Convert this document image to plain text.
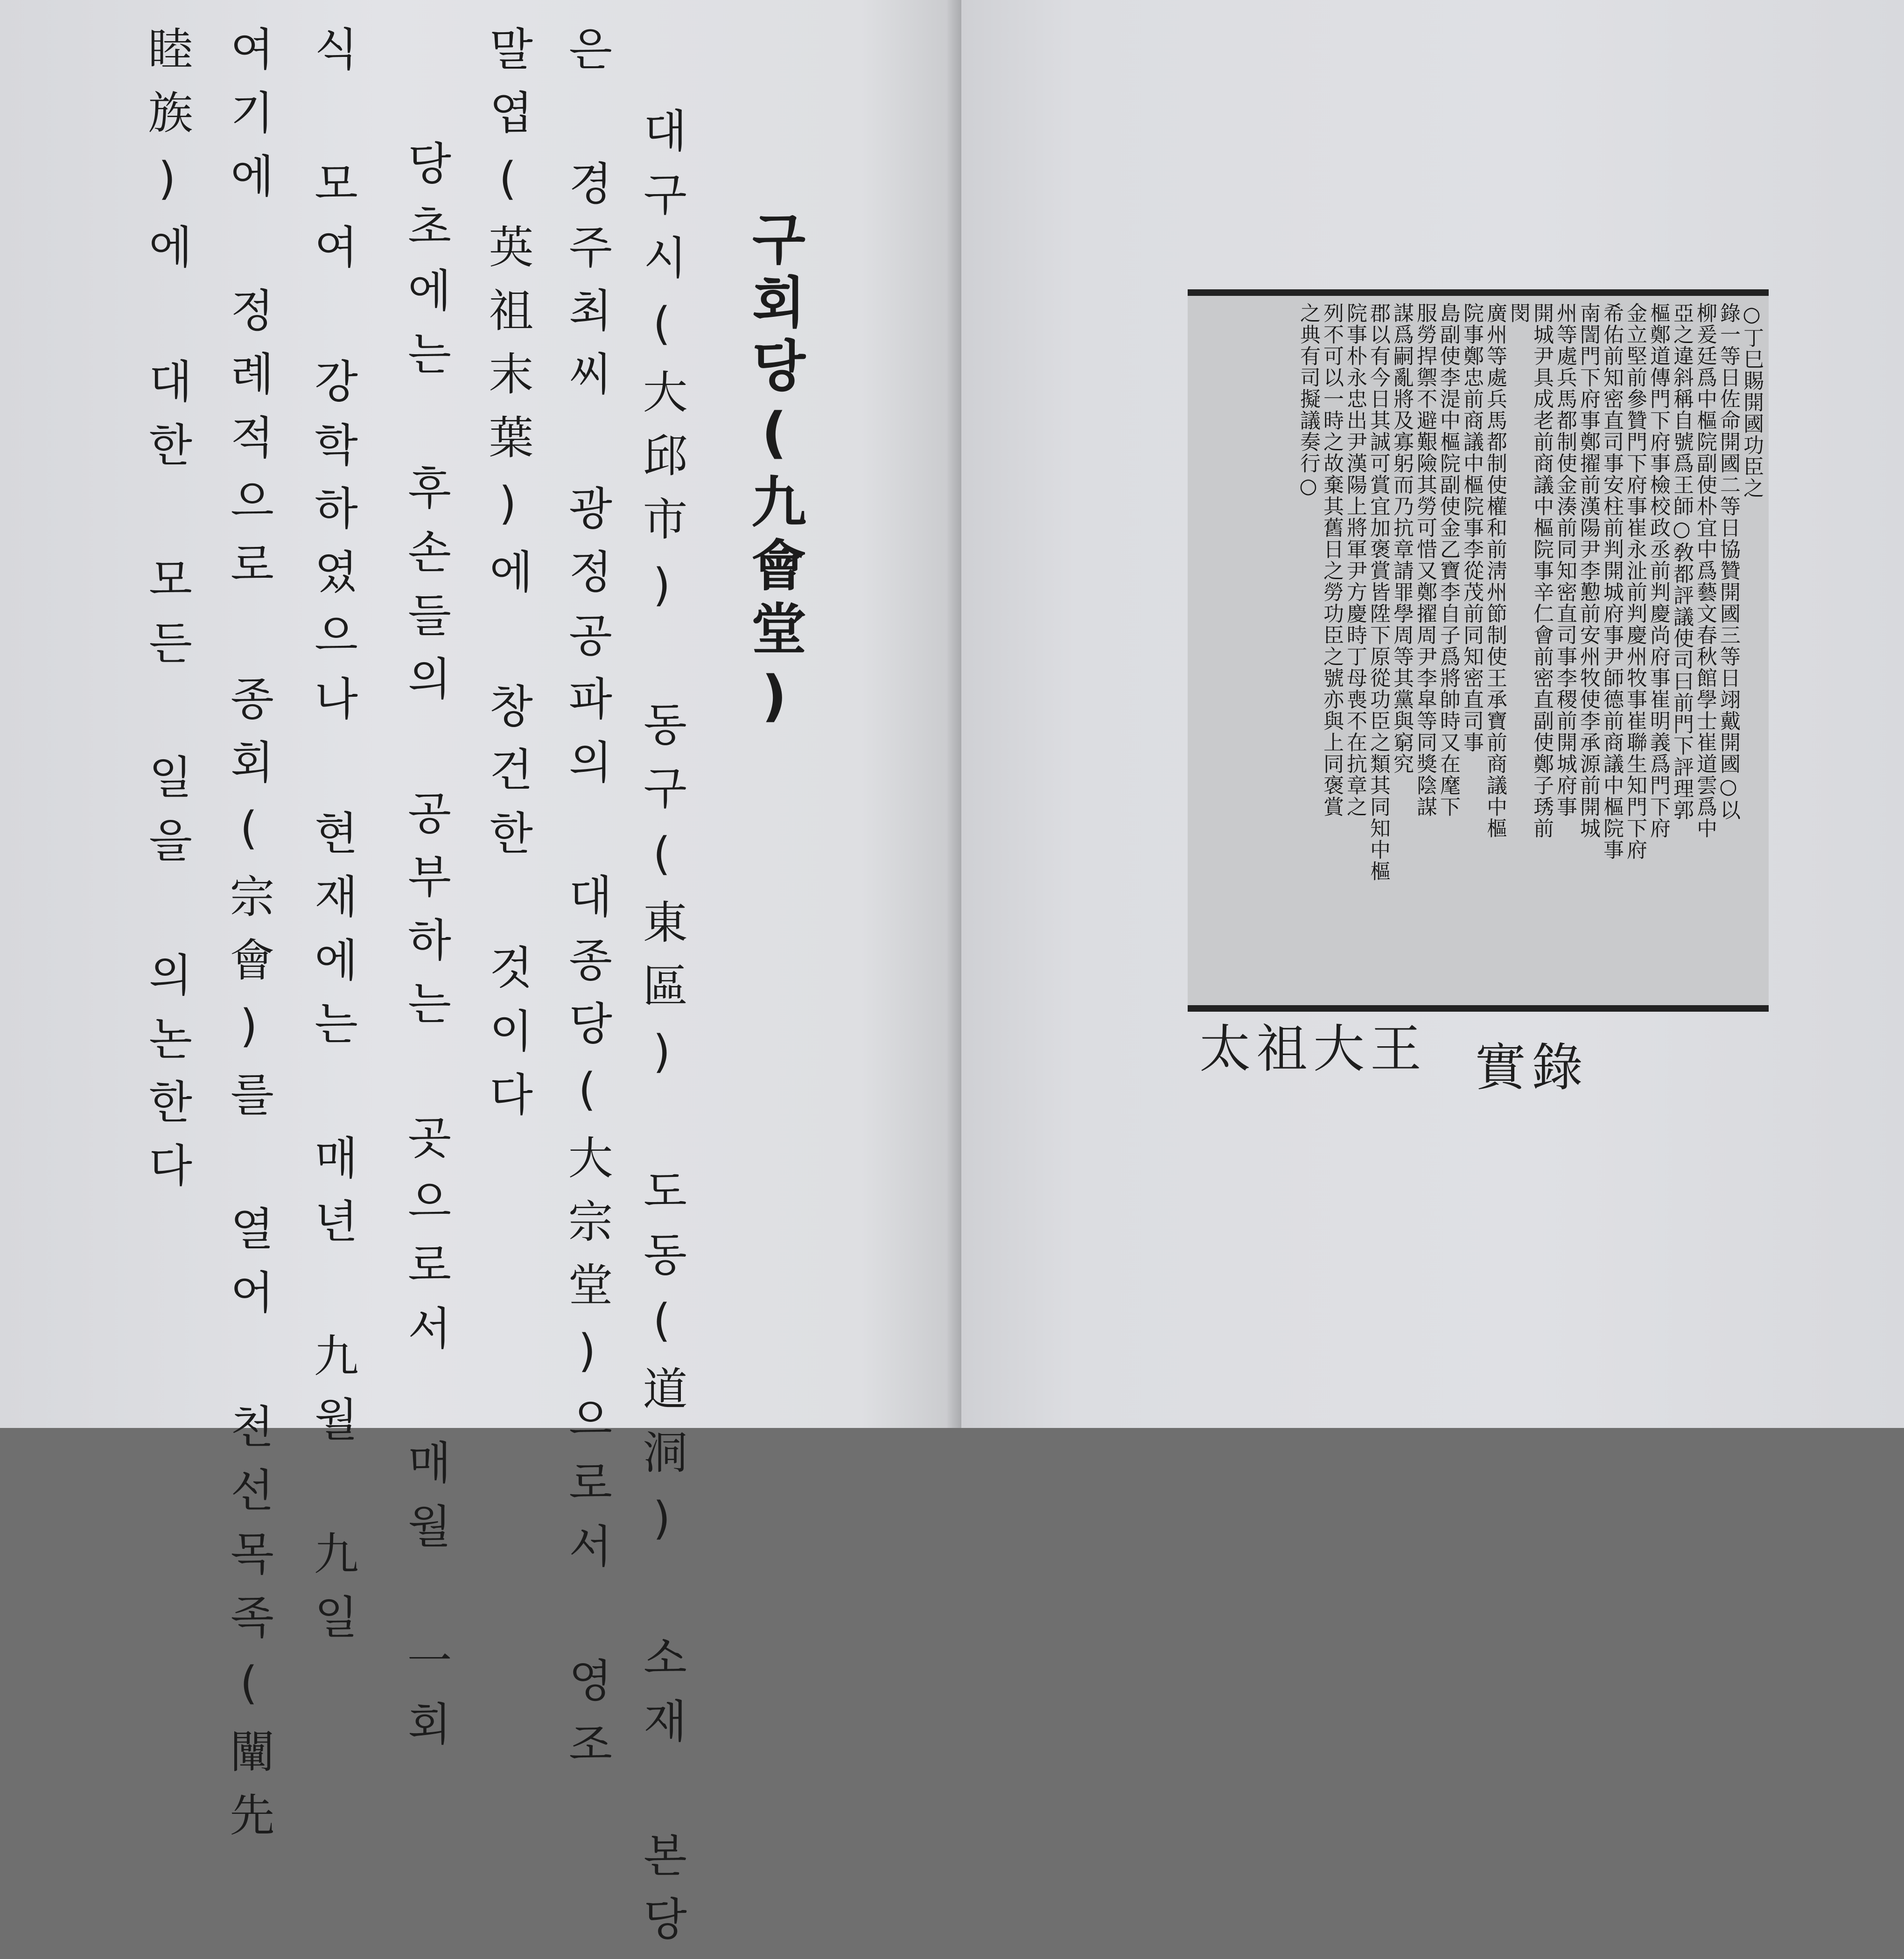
구회당(九會堂)
대구시(大邱市) 동구(東區) 도동(道洞) 소재 본당
은 경주최씨 광정공파의 대종당(大宗堂)으로서 영조
말엽(英祖末葉)에 창건한 것이다
당초에는 후손들의 공부하는 곳으로서 매월 一회
식 모여 강학하였으나 현재에는 매년 九월 九일
여기에 정례적으로 종회(宗會)를 열어 천선목족(闡先
睦族)에 대한 모든 일을 의논한다	○丁巳賜開國功臣之
錄一等日佐命開國二等日協贊開國三等日翊戴開國○以
柳爰廷爲中樞院副使朴宜中爲藝文春秋館學士崔道雲爲中
亞之違斜稱自號爲王師○敎都評議使司曰前門下評理郭
樞鄭道傳門下府事檢校政丞前判慶尚府事崔明義爲門下府
金立堅前參贊門下府事崔永沚前判慶州牧事崔聯生知門下府
希佑前知密直司事安柱前判開城府事尹師德前商議中樞院事
南誾門下府事鄭擢前漢陽尹李懃前安州牧使李承源前開城
州等處兵馬都制使金湊前同知密直司事李稷前開城府事
開城尹具成老前商議中樞院事辛仁會前密直副使鄭子琇前
閔
廣州等處兵馬都制使權和前淸州節制使王承寶前商議中樞
院事鄭忠前商議中樞院事李從茂前同知密直司事
島副使李湜中樞院副使金乙寶李自子爲將帥時又在麾下
服勞捍禦不避艱險其勞可惜又鄭擢周尹李皐等同獎陰謀
謀爲嗣亂將及寡躬而乃抗章請罪學周等其黨與窮究
郡以有今日其誠可賞宜加褒賞皆陞下原從功臣之類其同知中樞
院事朴永忠出尹漢陽上將軍尹方慶時丁母喪不在抗章之
列不可以一時之故棄其舊日之勞功臣之號亦與上同褒賞
之典有司擬議奏行○
太祖大王 實錄
